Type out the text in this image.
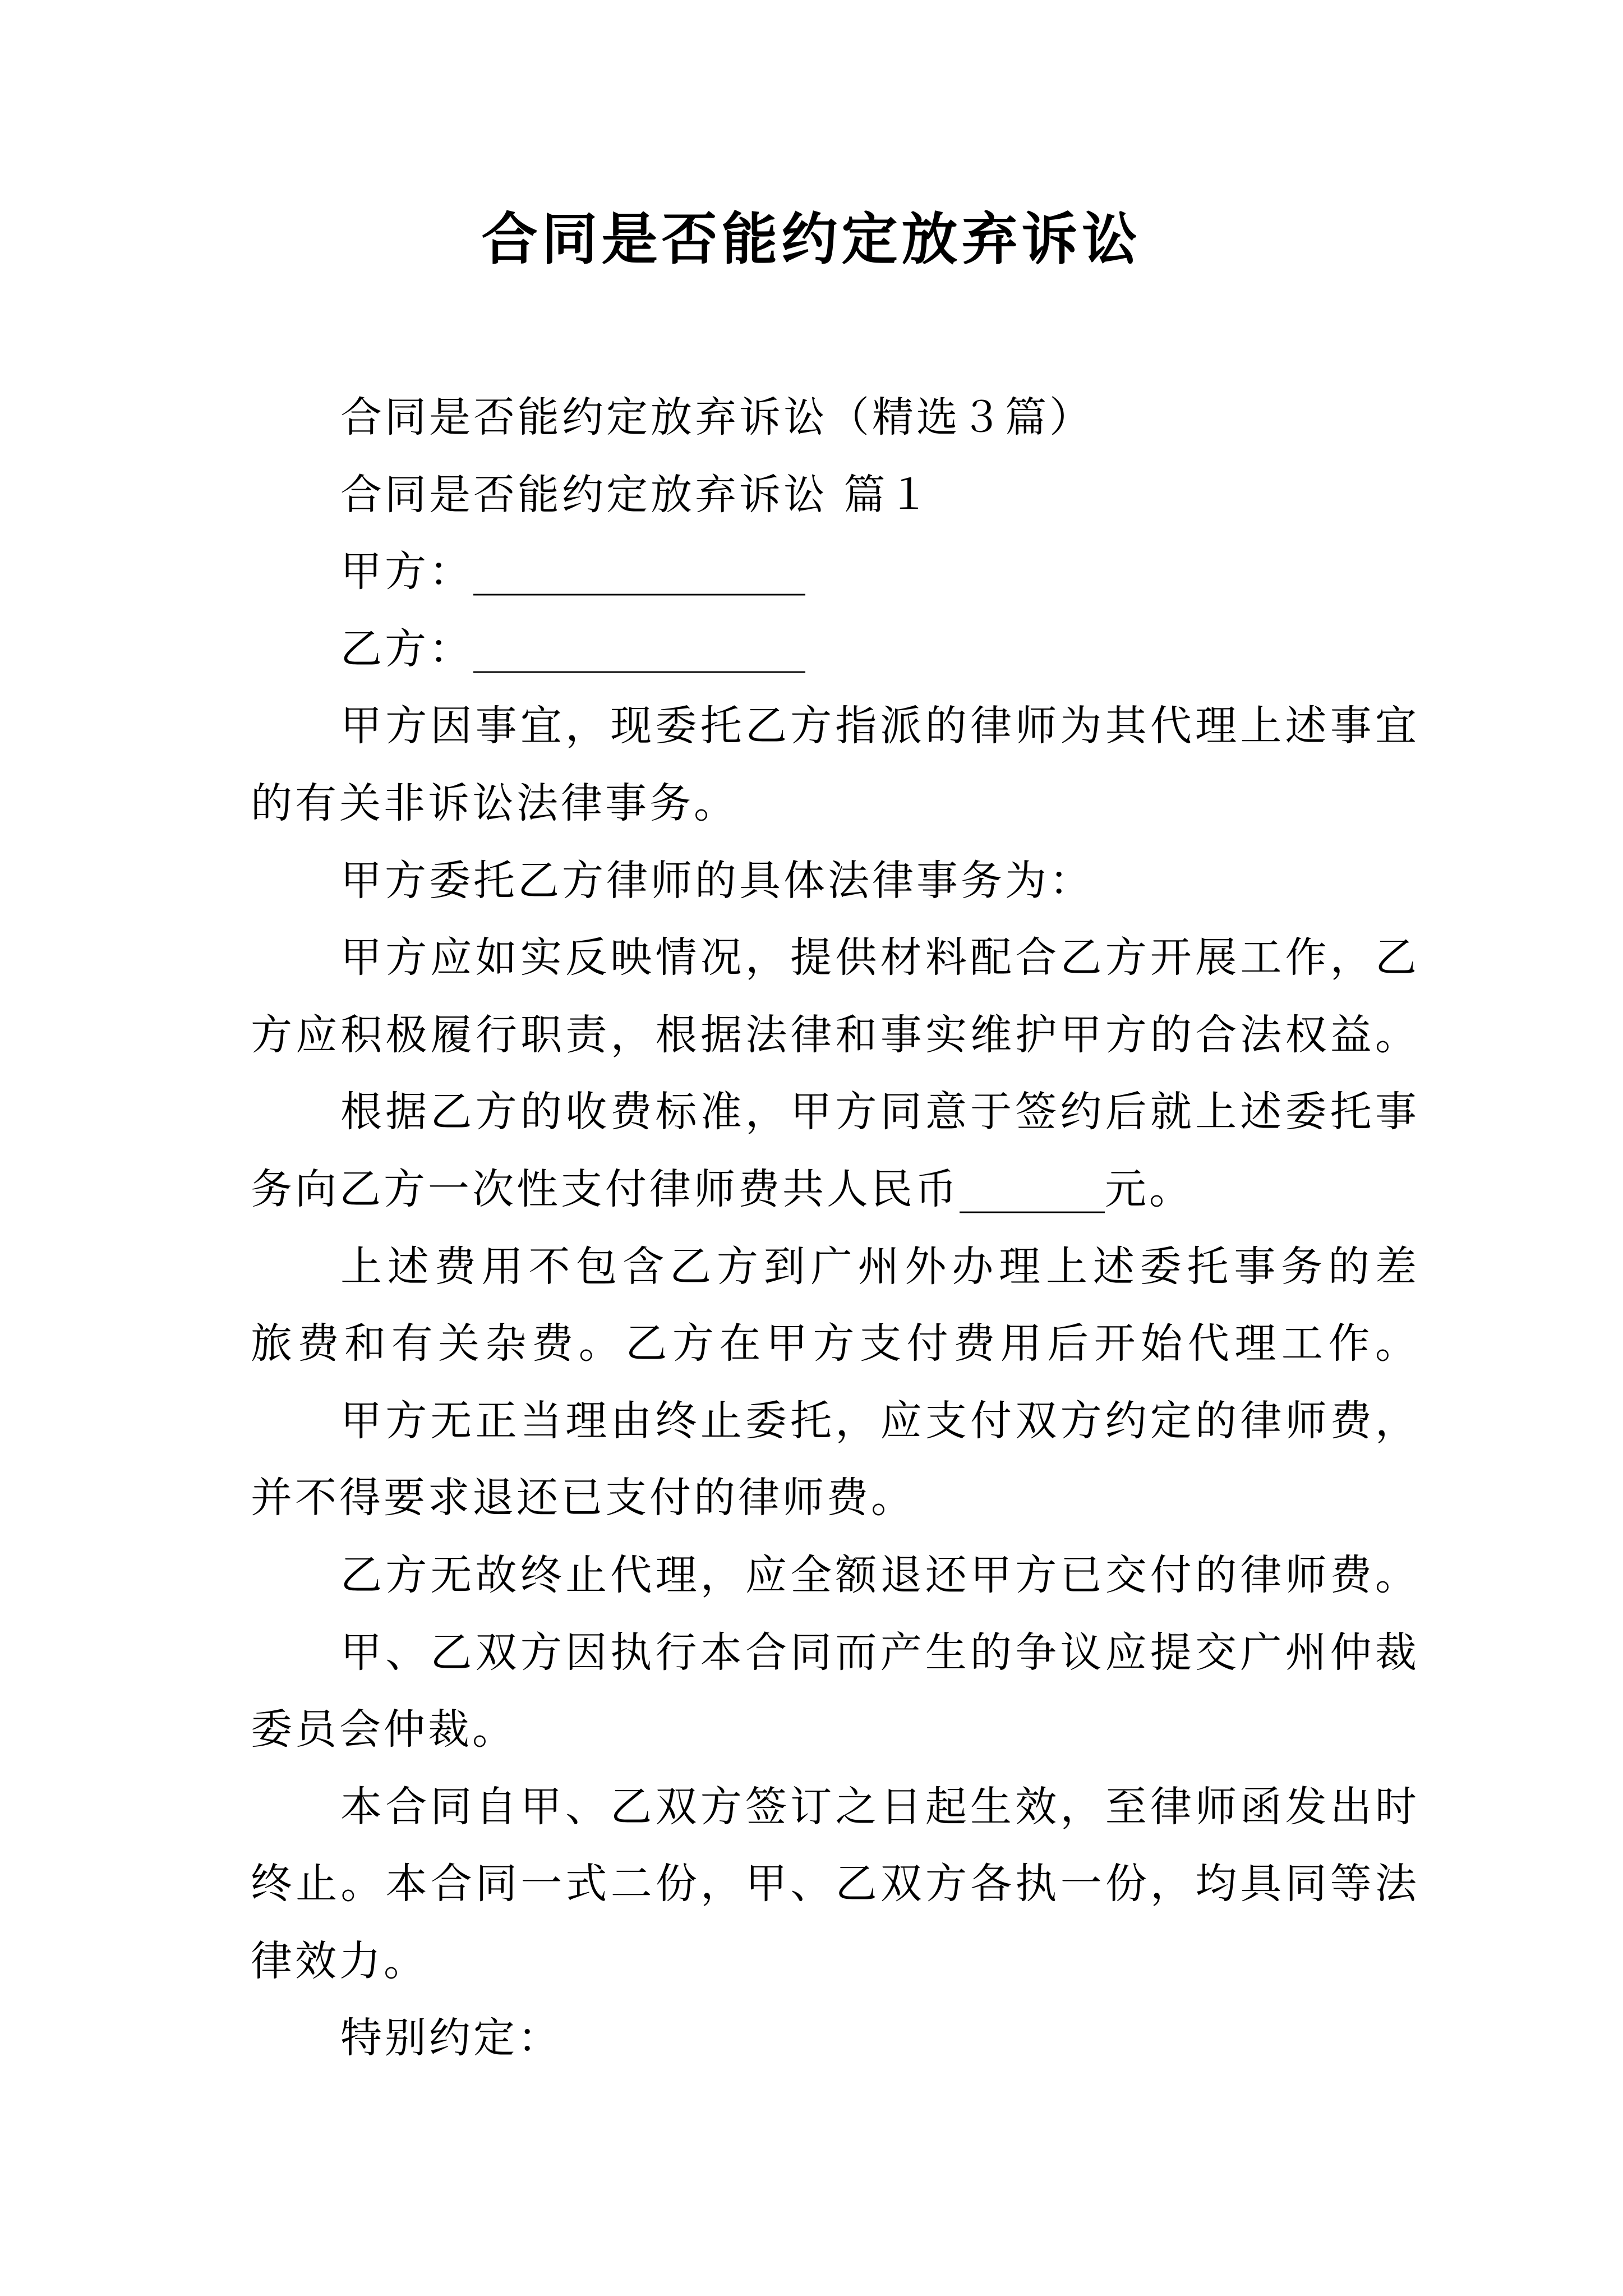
合同是否能约定放弃诉讼
合同是否能约定放弃诉讼（精选３篇）
合同是否能约定放弃诉讼 篇１
甲方：________________
乙方：________________
甲方因事宜，现委托乙方指派的律师为其代理上述事宜
的有关非诉讼法律事务。
甲方委托乙方律师的具体法律事务为：
甲方应如实反映情况，提供材料配合乙方开展工作，乙
方应积极履行职责，根据法律和事实维护甲方的合法权益。
根据乙方的收费标准，甲方同意于签约后就上述委托事
务向乙方一次性支付律师费共人民币_______元。
上述费用不包含乙方到广州外办理上述委托事务的差
旅费和有关杂费。乙方在甲方支付费用后开始代理工作。
甲方无正当理由终止委托，应支付双方约定的律师费，
并不得要求退还已支付的律师费。
乙方无故终止代理，应全额退还甲方已交付的律师费。
甲、乙双方因执行本合同而产生的争议应提交广州仲裁
委员会仲裁。
本合同自甲、乙双方签订之日起生效，至律师函发出时
终止。本合同一式二份，甲、乙双方各执一份，均具同等法
律效力。
特别约定：
